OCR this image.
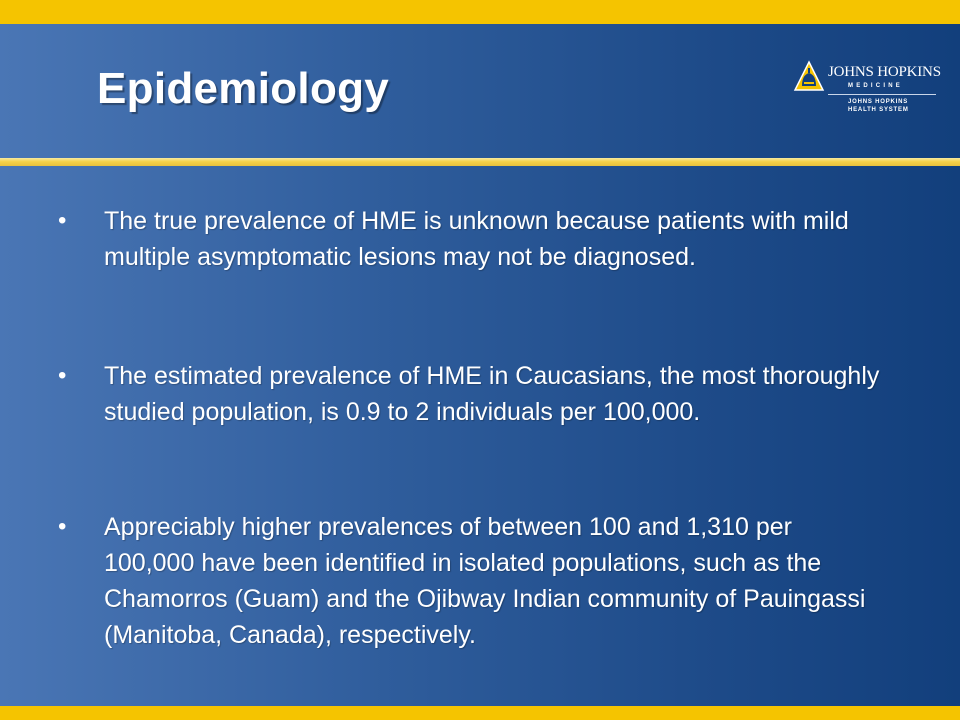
Epidemiology	JOHNS HOPKINS
MEDICINE
JOHNS HOPKINS
HEALTH SYSTEM
• The true prevalence of HME is unknown because patients with mild multiple asymptomatic lesions may not be diagnosed.
• The estimated prevalence of HME in Caucasians, the most thoroughly studied population, is 0.9 to 2 individuals per 100,000.
• Appreciably higher prevalences of between 100 and 1,310 per 100,000 have been identified in isolated populations, such as the Chamorros (Guam) and the Ojibway Indian community of Pauingassi (Manitoba, Canada), respectively.
